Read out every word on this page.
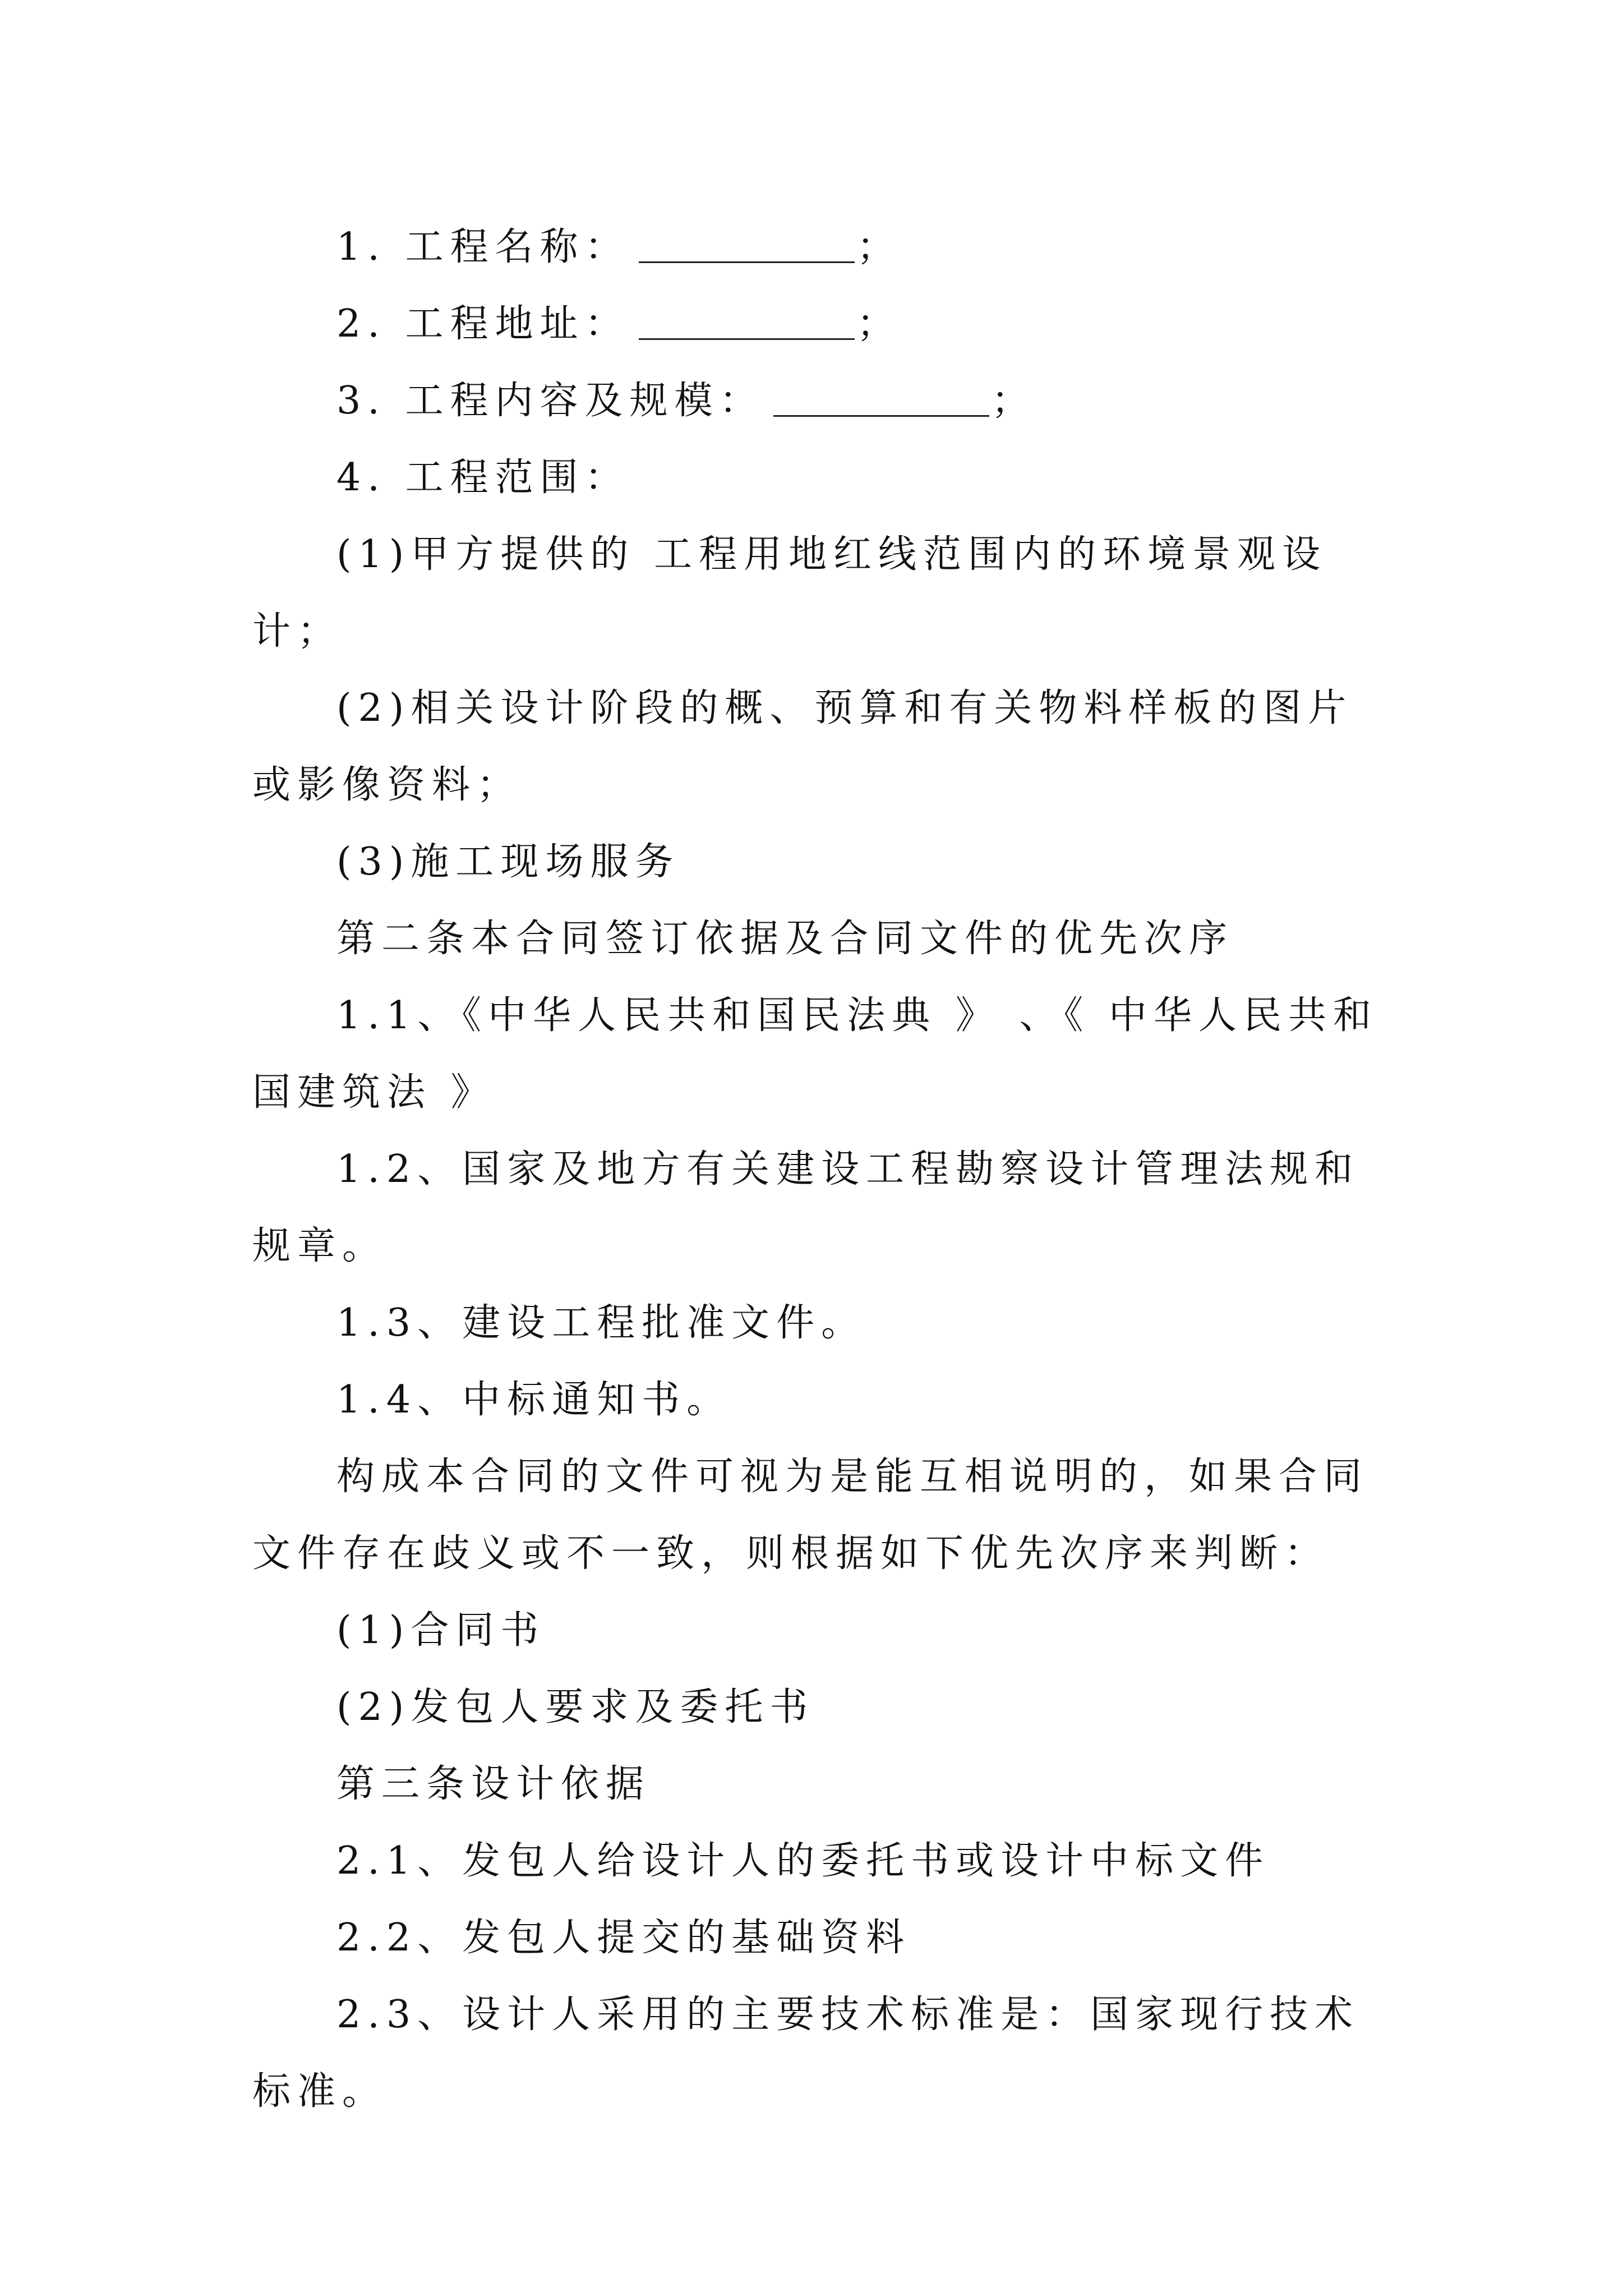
1. 工程名称：	；

2. 工程地址：	；

3. 工程内容及规模：	；

4. 工程范围：

(1)甲方提供的 工程用地红线范围内的环境景观设计；

(2)相关设计阶段的概、预算和有关物料样板的图片或影像资料；

(3)施工现场服务

第二条本合同签订依据及合同文件的优先次序

1.1、《中华人民共和国民法典 》 、《 中华人民共和国建筑法 》

1.2、国家及地方有关建设工程勘察设计管理法规和规章。

1.3、建设工程批准文件。

1.4、中标通知书。

构成本合同的文件可视为是能互相说明的，如果合同文件存在歧义或不一致，则根据如下优先次序来判断：

(1)合同书

(2)发包人要求及委托书

第三条设计依据

2.1、发包人给设计人的委托书或设计中标文件

2.2、发包人提交的基础资料

2.3、设计人采用的主要技术标准是：国家现行技术标准。
